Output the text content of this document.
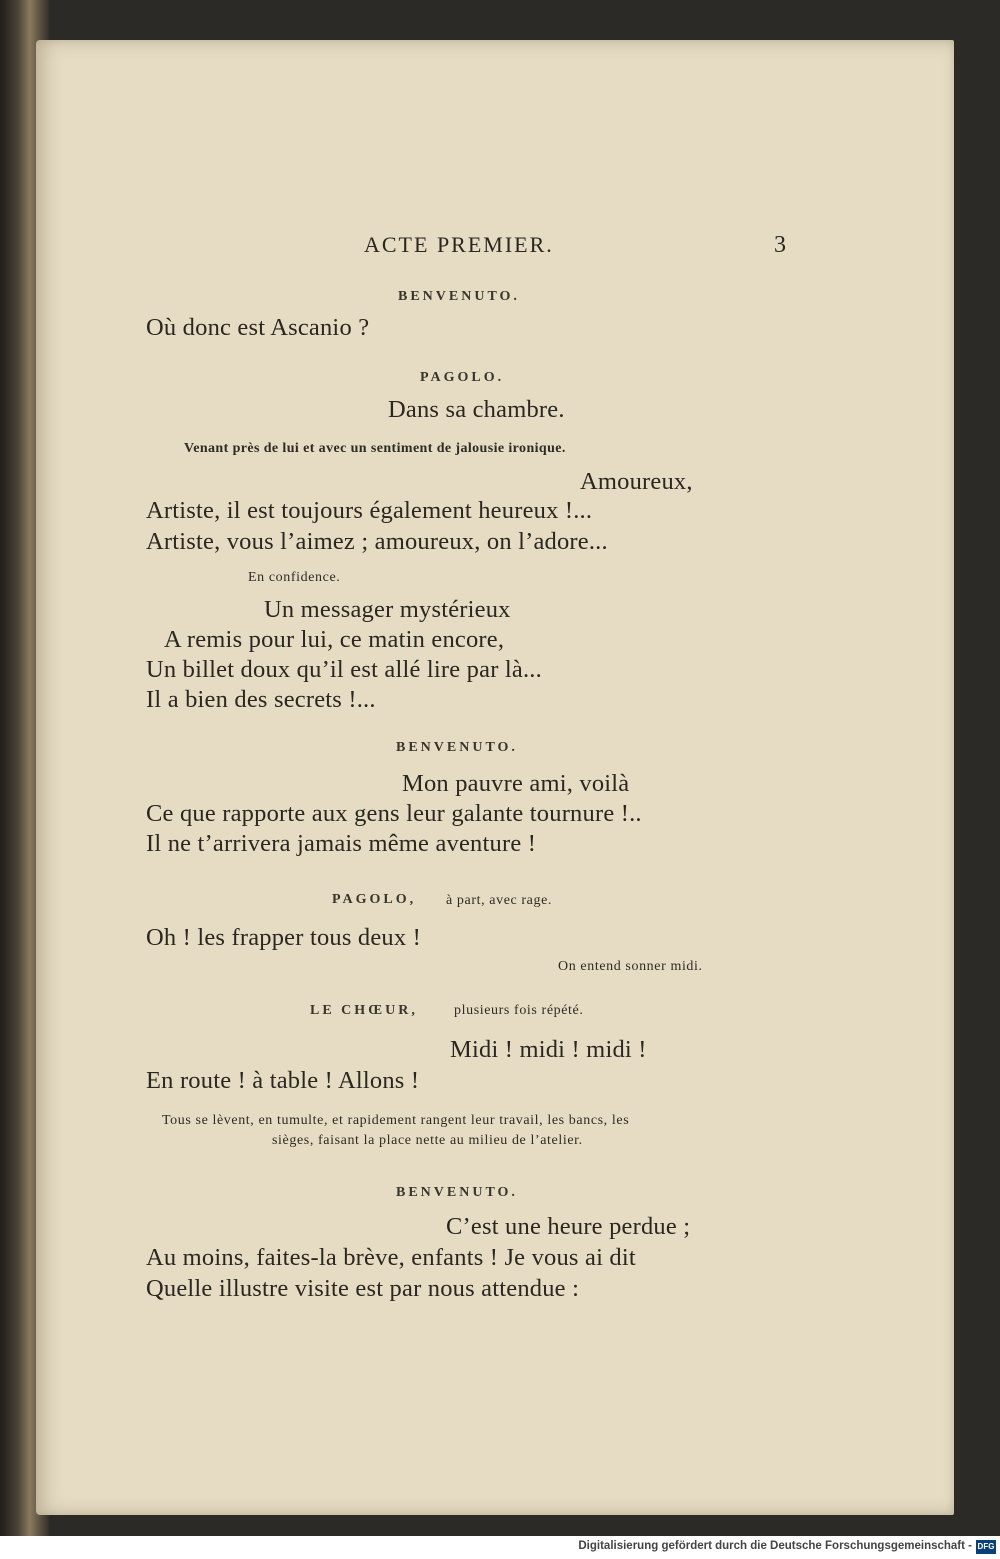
ACTE PREMIER.	3
BENVENUTO.
Où donc est Ascanio ?
PAGOLO.
Dans sa chambre.
Venant près de lui et avec un sentiment de jalousie ironique.
Amoureux,
Artiste, il est toujours également heureux !...
Artiste, vous l’aimez ; amoureux, on l’adore...
En confidence.
Un messager mystérieux
A remis pour lui, ce matin encore,
Un billet doux qu’il est allé lire par là...
Il a bien des secrets !...
BENVENUTO.
Mon pauvre ami, voilà
Ce que rapporte aux gens leur galante tournure !..
Il ne t’arrivera jamais même aventure !
PAGOLO, à part, avec rage.
Oh ! les frapper tous deux !
On entend sonner midi.
LE CHŒUR,	plusieurs fois répété.
Midi ! midi ! midi !
En route ! à table ! Allons !
Tous se lèvent, en tumulte, et rapidement rangent leur travail, les bancs, les
sièges, faisant la place nette au milieu de l’atelier.
BENVENUTO.
C’est une heure perdue ;
Au moins, faites-la brève, enfants ! Je vous ai dit
Quelle illustre visite est par nous attendue :
Digitalisierung gefördert durch die Deutsche Forschungsgemeinschaft - DFG
